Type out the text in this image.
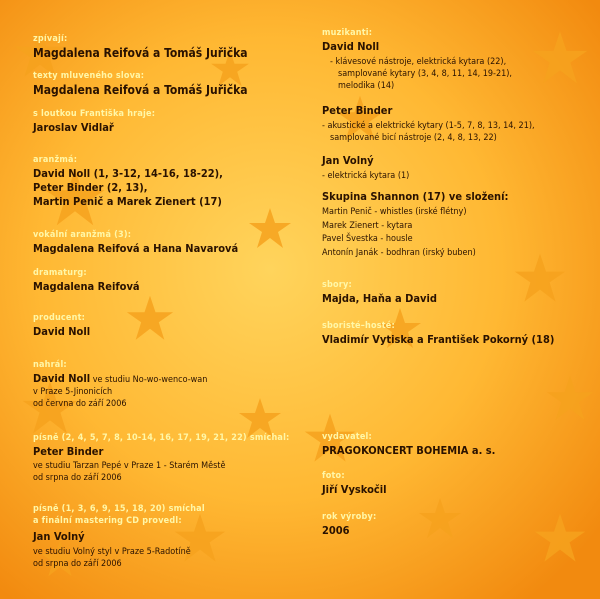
zpívají:
Magdalena Reifová a Tomáš Juřička
texty mluveného slova:
Magdalena Reifová a Tomáš Juřička
s loutkou Františka hraje:
Jaroslav Vidlař
aranžmá:
David Noll (1, 3-12, 14-16, 18-22),
Peter Binder (2, 13),
Martin Penič a Marek Zienert (17)
vokální aranžmá (3):
Magdalena Reifová a Hana Navarová
dramaturg:
Magdalena Reifová
producent:
David Noll
nahrál:
David Noll ve studiu No-wo-wenco-wan
v Praze 5-Jinonicích
od června do září 2006
písně (2, 4, 5, 7, 8, 10-14, 16, 17, 19, 21, 22) smíchal:
Peter Binder
ve studiu Tarzan Pepé v Praze 1 - Starém Městě
od srpna do září 2006
písně (1, 3, 6, 9, 15, 18, 20) smíchal
a finální mastering CD provedl:
Jan Volný
ve studiu Volný styl v Praze 5-Radotíně
od srpna do září 2006
muzikanti:
David Noll
- klávesové nástroje, elektrická kytara (22),
samplované kytary (3, 4, 8, 11, 14, 19-21),
melodika (14)
Peter Binder
- akustické a elektrické kytary (1-5, 7, 8, 13, 14, 21),
samplované bicí nástroje (2, 4, 8, 13, 22)
Jan Volný
- elektrická kytara (1)
Skupina Shannon (17) ve složení:
Martin Penič - whistles (irské flétny)
Marek Zienert - kytara
Pavel Švestka - housle
Antonín Janák - bodhran (irský buben)
sbory:
Majda, Haňa a David
sboristé–hosté:
Vladimír Vytiska a František Pokorný (18)
vydavatel:
PRAGOKONCERT BOHEMIA a. s.
foto:
Jiří Vyskočil
rok výroby:
2006
